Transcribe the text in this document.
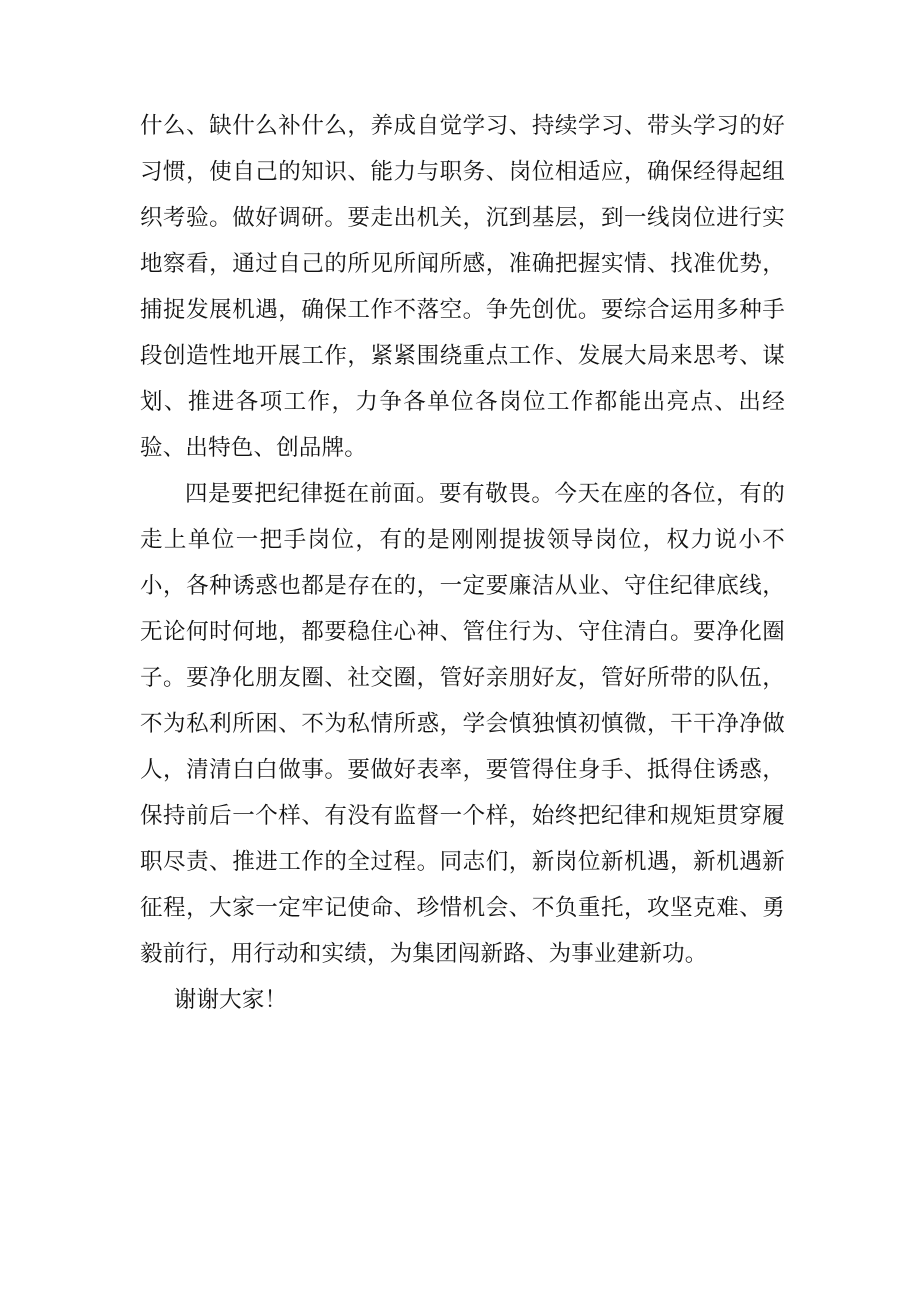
什么、缺什么补什么，养成自觉学习、持续学习、带头学习的好习惯，使自己的知识、能力与职务、岗位相适应，确保经得起组织考验。做好调研。要走出机关，沉到基层，到一线岗位进行实地察看，通过自己的所见所闻所感，准确把握实情、找准优势，捕捉发展机遇，确保工作不落空。争先创优。要综合运用多种手段创造性地开展工作，紧紧围绕重点工作、发展大局来思考、谋划、推进各项工作，力争各单位各岗位工作都能出亮点、出经验、出特色、创品牌。

四是要把纪律挺在前面。要有敬畏。今天在座的各位，有的走上单位一把手岗位，有的是刚刚提拔领导岗位，权力说小不小，各种诱惑也都是存在的，一定要廉洁从业、守住纪律底线，无论何时何地，都要稳住心神、管住行为、守住清白。要净化圈子。要净化朋友圈、社交圈，管好亲朋好友，管好所带的队伍，不为私利所困、不为私情所惑，学会慎独慎初慎微，干干净净做人，清清白白做事。要做好表率，要管得住身手、抵得住诱惑，保持前后一个样、有没有监督一个样，始终把纪律和规矩贯穿履职尽责、推进工作的全过程。同志们，新岗位新机遇，新机遇新征程，大家一定牢记使命、珍惜机会、不负重托，攻坚克难、勇毅前行，用行动和实绩，为集团闯新路、为事业建新功。

谢谢大家！
